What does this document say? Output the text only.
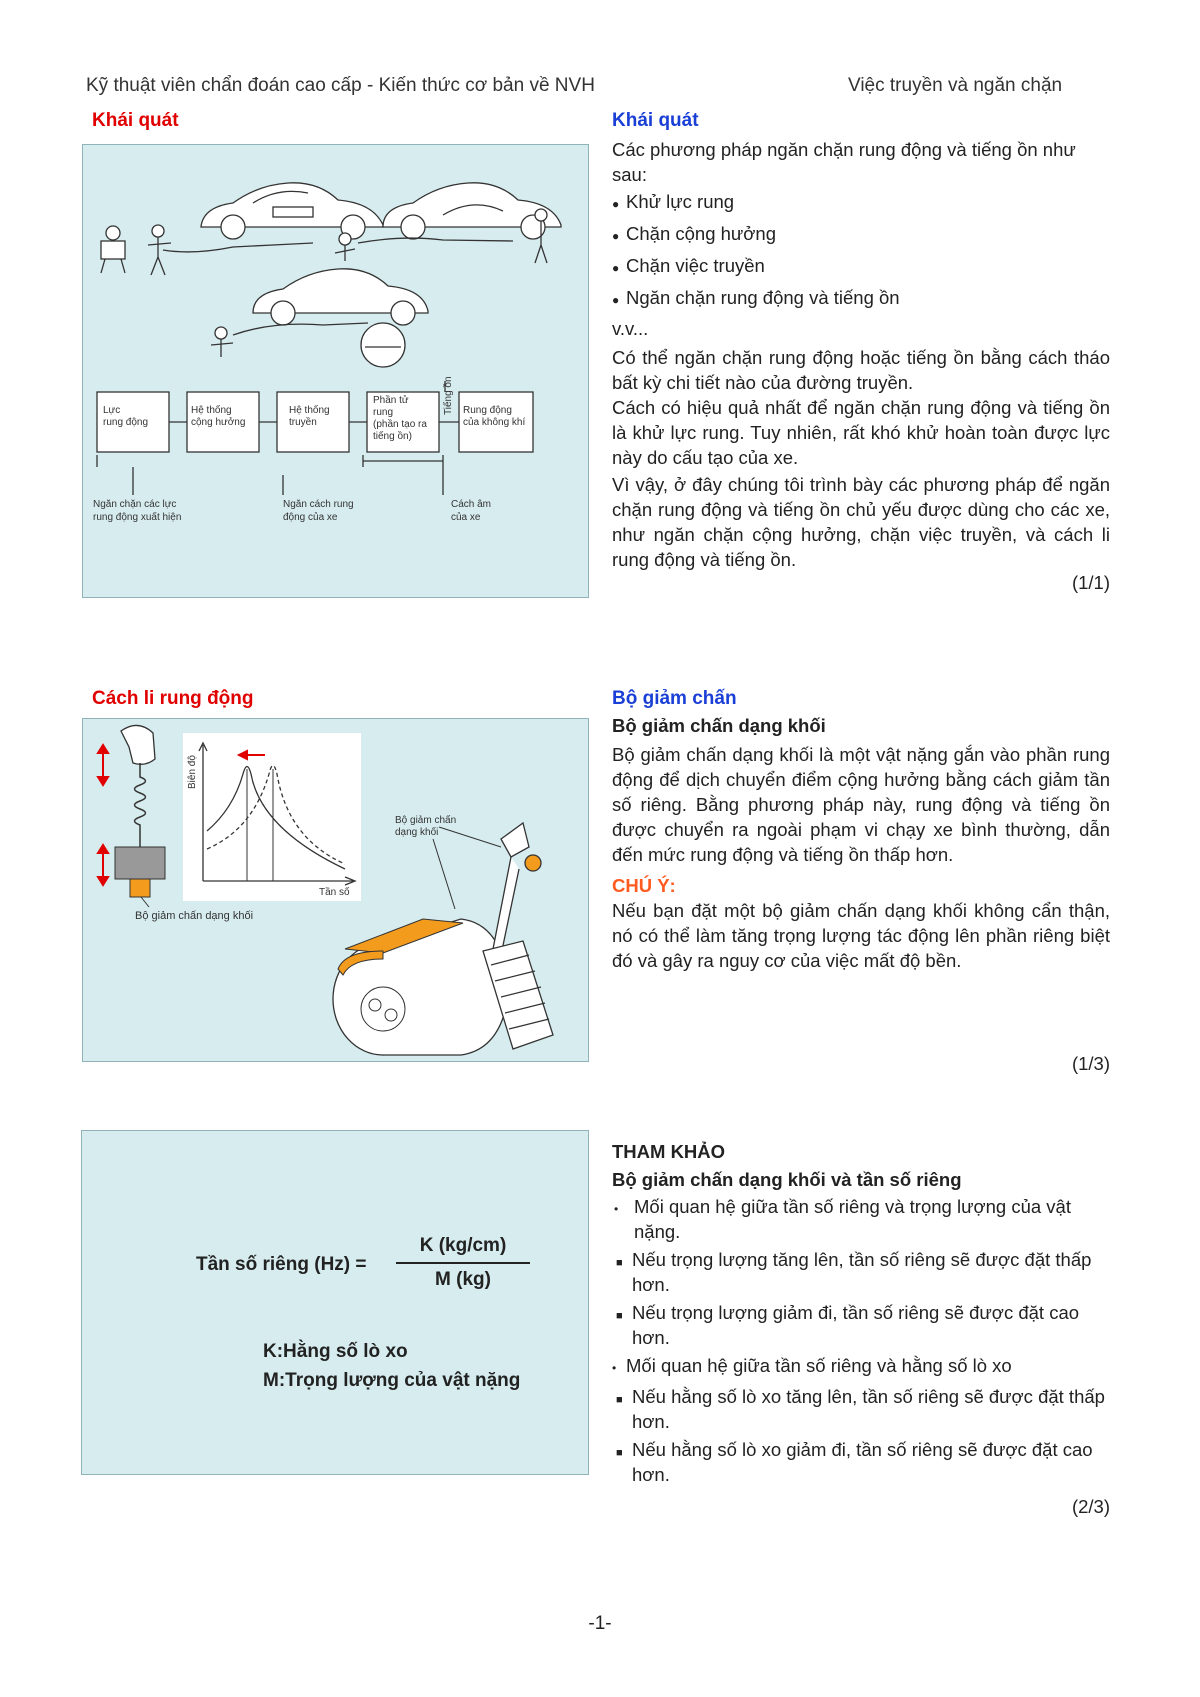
Kỹ thuật viên chẩn đoán cao cấp - Kiến thức cơ bản về NVH	Việc truyền và ngăn chặn
Khái quát
Lực
rung động
Hệ thống
cộng hưởng
Hệ thống
truyền
Phần tử
rung
(phần tạo ra
tiếng ồn)
Rung động
của không khí
Tiếng ồn
Ngăn chặn các lực
rung động xuất hiện
Ngăn cách rung
động của xe
Cách âm
của xe
Khái quát

Các phương pháp ngăn chặn rung động và tiếng ồn như sau:

● Khử lực rung
● Chặn cộng hưởng
● Chặn việc truyền
● Ngăn chặn rung động và tiếng ồn

v.v...

Có thể ngăn chặn rung động hoặc tiếng ồn bằng cách tháo bất kỳ chi tiết nào của đường truyền.

Cách có hiệu quả nhất để ngăn chặn rung động và tiếng ồn là khử lực rung. Tuy nhiên, rất khó khử hoàn toàn được lực này do cấu tạo của xe.

Vì vậy, ở đây chúng tôi trình bày các phương pháp để ngăn chặn rung động và tiếng ồn chủ yếu được dùng cho các xe, như ngăn chặn cộng hưởng, chặn việc truyền, và cách li rung động và tiếng ồn.

(1/1)
Cách li rung động
Bộ giảm chấn dạng khối
Biên độ
Tần số
Bộ giảm chấn
dạng khối
Bộ giảm chấn

Bộ giảm chấn dạng khối

Bộ giảm chấn dạng khối là một vật nặng gắn vào phần rung động để dịch chuyển điểm cộng hưởng bằng cách giảm tần số riêng. Bằng phương pháp này, rung động và tiếng ồn được chuyển ra ngoài phạm vi chạy xe bình thường, dẫn đến mức rung động và tiếng ồn thấp hơn.

CHÚ Ý:

Nếu bạn đặt một bộ giảm chấn dạng khối không cẩn thận, nó có thể làm tăng trọng lượng tác động lên phần riêng biệt đó và gây ra nguy cơ của việc mất độ bền.

(1/3)
Tần số riêng (Hz) =
K (kg/cm)
M (kg)
K:Hằng số lò xo
M:Trọng lượng của vật nặng

THAM KHẢO

Bộ giảm chấn dạng khối và tần số riêng

• Mối quan hệ giữa tần số riêng và trọng lượng của vật nặng.
■ Nếu trọng lượng tăng lên, tần số riêng sẽ được đặt thấp hơn.
■ Nếu trọng lượng giảm đi, tần số riêng sẽ được đặt cao hơn.
• Mối quan hệ giữa tần số riêng và hằng số lò xo
■ Nếu hằng số lò xo tăng lên, tần số riêng sẽ được đặt thấp hơn.
■ Nếu hằng số lò xo giảm đi, tần số riêng sẽ được đặt cao hơn.
(2/3)
-1-
